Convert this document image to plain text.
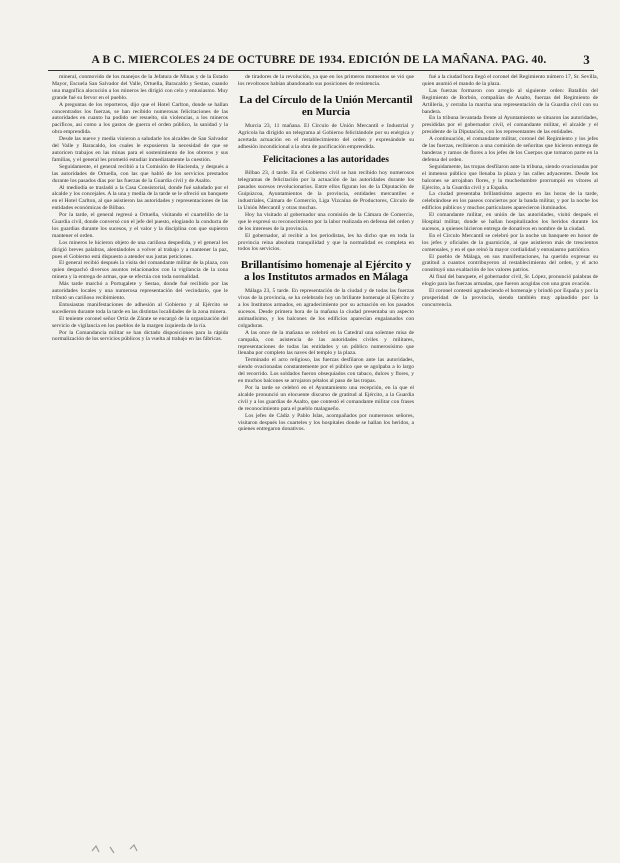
A B C. MIERCOLES 24 DE OCTUBRE DE 1934. EDICIÓN DE LA MAÑANA. PAG. 40.	3

mineral, conmovido de los manejos de la Jefatura de Minas y de la Estado Mayor, Escuela San Salvador del Valle, Ortuella, Baracaldo y Sestao, cuando una magnífica alocución a los mineros les dirigió con celo y entusiasmo. Muy grande fué su fervor en el pueblo.

A preguntas de los reporteros, dijo que el Hotel Carlton, donde se hallan concentrados los fuerzas, se han recibido numerosas felicitaciones de las autoridades en cuanto ha podido ser resuelto, sin violencias, a los mineros pacíficos, así como a los gastos de guerra el orden público, la sanidad y la obra emprendida.

Desde las nueve y media vinieron a saludarle los alcaldes de San Salvador del Valle y Baracaldo, los cuales le expusieron la necesidad de que se autoricen trabajos en las minas para el sostenimiento de los obreros y sus familias, y el general les prometió estudiar inmediatamente la cuestión.

Seguidamente, el general recibió a la Comisión de Hacienda, y después a las autoridades de Ortuella, con las que habló de los servicios prestados durante los pasados días por las fuerzas de la Guardia civil y de Asalto.

Al mediodía se trasladó a la Casa Consistorial, donde fué saludado por el alcalde y los concejales. A la una y media de la tarde se le ofreció un banquete en el Hotel Carlton, al que asistieron las autoridades y representaciones de las entidades económicas de Bilbao.

Por la tarde, el general regresó a Ortuella, visitando el cuartelillo de la Guardia civil, donde conversó con el jefe del puesto, elogiando la conducta de los guardias durante los sucesos, y el valor y la disciplina con que supieron mantener el orden.

Los mineros le hicieron objeto de una cariñosa despedida, y el general les dirigió breves palabras, alentándoles a volver al trabajo y a mantener la paz, pues el Gobierno está dispuesto a atender sus justas peticiones.

El general recibió después la visita del comandante militar de la plaza, con quien despachó diversos asuntos relacionados con la vigilancia de la zona minera y la entrega de armas, que se efectúa con toda normalidad.

Más tarde marchó a Portugalete y Sestao, donde fué recibido por las autoridades locales y una numerosa representación del vecindario, que le tributó un cariñoso recibimiento.

Entusiastas manifestaciones de adhesión al Gobierno y al Ejército se sucedieron durante toda la tarde en las distintas localidades de la zona minera.

El teniente coronel señor Ortiz de Zárate se encargó de la organización del servicio de vigilancia en los pueblos de la margen izquierda de la ría.

Por la Comandancia militar se han dictado disposiciones para la rápida normalización de los servicios públicos y la vuelta al trabajo en las fábricas.

de tiradores de la revolución, ya que en los primeros momentos se vió que los revoltosos habían abandonado sus posiciones de resistencia.

La del Círculo de la Unión Mercantil en Murcia

Murcia 23, 11 mañana. El Círculo de Unión Mercantil e Industrial y Agrícola ha dirigido un telegrama al Gobierno felicitándole por su enérgica y acertada actuación en el restablecimiento del orden y expresándole su adhesión incondicional a la obra de pacificación emprendida.

Felicitaciones a las autoridades

Bilbao 23, 4 tarde. En el Gobierno civil se han recibido hoy numerosos telegramas de felicitación por la actuación de las autoridades durante los pasados sucesos revolucionarios. Entre ellos figuran los de la Diputación de Guipúzcoa, Ayuntamientos de la provincia, entidades mercantiles e industriales, Cámara de Comercio, Liga Vizcaína de Productores, Círculo de la Unión Mercantil y otras muchas.

Hoy ha visitado al gobernador una comisión de la Cámara de Comercio, que le expresó su reconocimiento por la labor realizada en defensa del orden y de los intereses de la provincia.

El gobernador, al recibir a los periodistas, les ha dicho que en toda la provincia reina absoluta tranquilidad y que la normalidad es completa en todos los servicios.

Brillantísimo homenaje al Ejército y a los Institutos armados en Málaga

Málaga 23, 5 tarde. En representación de la ciudad y de todas las fuerzas vivas de la provincia, se ha celebrado hoy un brillante homenaje al Ejército y a los Institutos armados, en agradecimiento por su actuación en los pasados sucesos. Desde primera hora de la mañana la ciudad presentaba un aspecto animadísimo, y los balcones de los edificios aparecían engalanados con colgaduras.

A las once de la mañana se celebró en la Catedral una solemne misa de campaña, con asistencia de las autoridades civiles y militares, representaciones de todas las entidades y un público numerosísimo que llenaba por completo las naves del templo y la plaza.

Terminado el acto religioso, las fuerzas desfilaron ante las autoridades, siendo ovacionadas constantemente por el público que se agolpaba a lo largo del recorrido. Los soldados fueron obsequiados con tabaco, dulces y flores, y en muchos balcones se arrojaron pétalos al paso de las tropas.

Por la tarde se celebró en el Ayuntamiento una recepción, en la que el alcalde pronunció un elocuente discurso de gratitud al Ejército, a la Guardia civil y a los guardias de Asalto, que contestó el comandante militar con frases de reconocimiento para el pueblo malagueño.

Los jefes de Cádiz y Pablo Islas, acompañados por numerosos señores, visitaron después los cuarteles y los hospitales donde se hallan los heridos, a quienes entregaron donativos.

fué a la ciudad hora llegó el coronel del Regimiento número 17, Sr. Sevilla, quien asumió el mando de la plaza.

Las fuerzas formaron con arreglo al siguiente orden: Batallón del Regimiento de Borbón, compañías de Asalto, fuerzas del Regimiento de Artillería, y cerraba la marcha una representación de la Guardia civil con su bandera.

En la tribuna levantada frente al Ayuntamiento se situaron las autoridades, presididas por el gobernador civil, el comandante militar, el alcalde y el presidente de la Diputación, con los representantes de las entidades.

A continuación, el comandante militar, coronel del Regimiento y los jefes de las fuerzas, recibieron a una comisión de señoritas que hicieron entrega de banderas y ramos de flores a los jefes de los Cuerpos que tomaron parte en la defensa del orden.

Seguidamente, las tropas desfilaron ante la tribuna, siendo ovacionadas por el inmenso público que llenaba la plaza y las calles adyacentes. Desde los balcones se arrojaban flores, y la muchedumbre prorrumpió en vítores al Ejército, a la Guardia civil y a España.

La ciudad presentaba brillantísimo aspecto en las horas de la tarde, celebrándose en los paseos conciertos por la banda militar, y por la noche los edificios públicos y muchos particulares aparecieron iluminados.

El comandante militar, en unión de las autoridades, visitó después el Hospital militar, donde se hallan hospitalizados los heridos durante los sucesos, a quienes hicieron entrega de donativos en nombre de la ciudad.

En el Círculo Mercantil se celebró por la noche un banquete en honor de los jefes y oficiales de la guarnición, al que asistieron más de trescientos comensales, y en el que reinó la mayor cordialidad y entusiasmo patriótico.

El pueblo de Málaga, en sus manifestaciones, ha querido expresar su gratitud a cuantos contribuyeron al restablecimiento del orden, y el acto constituyó una exaltación de los valores patrios.

Al final del banquete, el gobernador civil, Sr. López, pronunció palabras de elogio para las fuerzas armadas, que fueron acogidas con una gran ovación.

El coronel contestó agradeciendo el homenaje y brindó por España y por la prosperidad de la provincia, siendo también muy aplaudido por la concurrencia.
